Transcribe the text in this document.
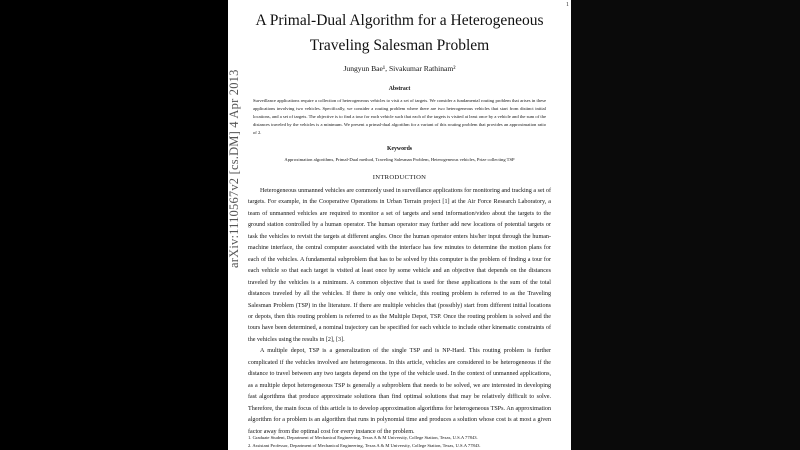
A Primal-Dual Algorithm for a Heterogeneous
Traveling Salesman Problem
Jungyun Bae¹, Sivakumar Rathinam²
Abstract
Surveillance applications require a collection of heterogeneous vehicles to visit a set of targets. We consider a fundamental routing problem that arises in these applications involving two vehicles. Specifically, we consider a routing problem where there are two heterogeneous vehicles that start from distinct initial locations, and a set of targets. The objective is to find a tour for each vehicle such that each of the targets is visited at least once by a vehicle and the sum of the distances traveled by the vehicles is a minimum. We present a primal-dual algorithm for a variant of this routing problem that provides an approximation ratio of 2.
Keywords
Approximation algorithms, Primal-Dual method, Traveling Salesman Problem, Heterogeneous vehicles, Prize collecting TSP
INTRODUCTION

Heterogeneous unmanned vehicles are commonly used in surveillance applications for monitoring and tracking a set of targets. For example, in the Cooperative Operations in Urban Terrain project [1] at the Air Force Research Laboratory, a team of unmanned vehicles are required to monitor a set of targets and send information/video about the targets to the ground station controlled by a human operator. The human operator may further add new locations of potential targets or task the vehicles to revisit the targets at different angles. Once the human operator enters his/her input through the human-machine interface, the central computer associated with the interface has few minutes to determine the motion plans for each of the vehicles. A fundamental subproblem that has to be solved by this computer is the problem of finding a tour for each vehicle so that each target is visited at least once by some vehicle and an objective that depends on the distances traveled by the vehicles is a minimum. A common objective that is used for these applications is the sum of the total distances traveled by all the vehicles. If there is only one vehicle, this routing problem is referred to as the Traveling Salesman Problem (TSP) in the literature. If there are multiple vehicles that (possibly) start from different initial locations or depots, then this routing problem is referred to as the Multiple Depot, TSP. Once the routing problem is solved and the tours have been determined, a nominal trajectory can be specified for each vehicle to include other kinematic constraints of the vehicles using the results in [2], [3].

A multiple depot, TSP is a generalization of the single TSP and is NP-Hard. This routing problem is further complicated if the vehicles involved are heterogeneous. In this article, vehicles are considered to be heterogeneous if the distance to travel between any two targets depend on the type of the vehicle used. In the context of unmanned applications, as a multiple depot heterogeneous TSP is generally a subproblem that needs to be solved, we are interested in developing fast algorithms that produce approximate solutions than find optimal solutions that may be relatively difficult to solve. Therefore, the main focus of this article is to develop approximation algorithms for heterogeneous TSPs. An approximation algorithm for a problem is an algorithm that runs in polynomial time and produces a solution whose cost is at most a given factor away from the optimal cost for every instance of the problem.

1. Graduate Student, Department of Mechanical Engineering, Texas A & M University, College Station, Texas, U.S.A 77843.
2. Assistant Professor, Department of Mechanical Engineering, Texas A & M University, College Station, Texas, U.S.A 77843.
arXiv:1110567v2 [cs.DM] 4 Apr 2013
1
